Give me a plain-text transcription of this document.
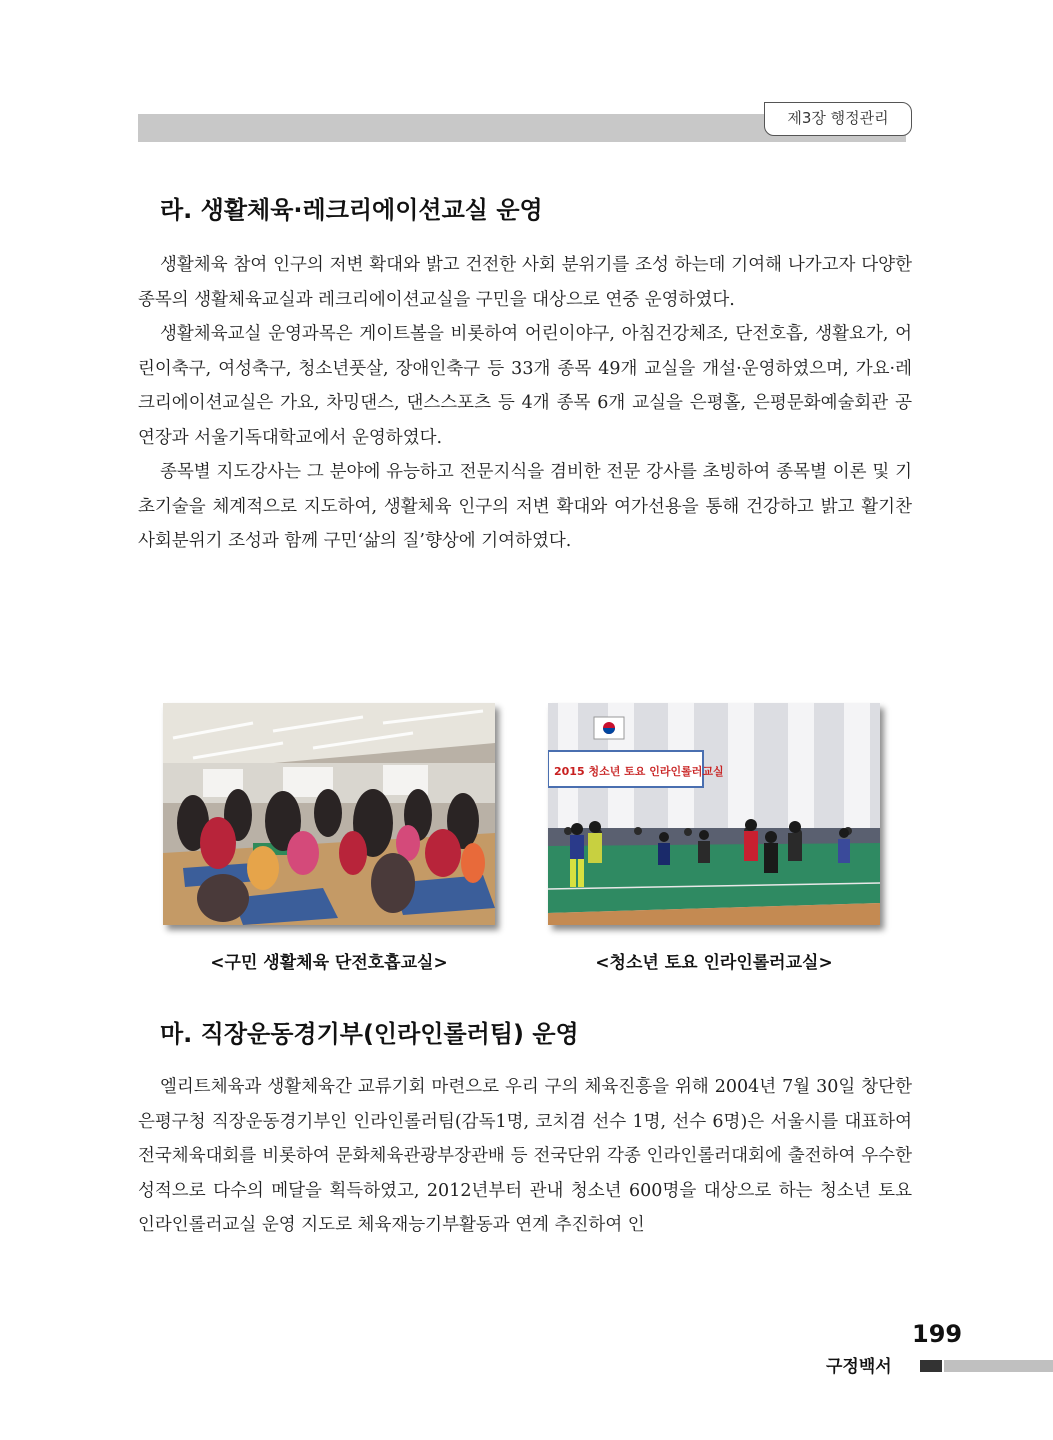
제3장 행정관리
라. 생활체육·레크리에이션교실 운영

생활체육 참여 인구의 저변 확대와 밝고 건전한 사회 분위기를 조성 하는데 기여해 나가고자 다양한 종목의 생활체육교실과 레크리에이션교실을 구민을 대상으로 연중 운영하였다.

생활체육교실 운영과목은 게이트볼을 비롯하여 어린이야구, 아침건강체조, 단전호흡, 생활요가, 어린이축구, 여성축구, 청소년풋살, 장애인축구 등 33개 종목 49개 교실을 개설·운영하였으며, 가요·레크리에이션교실은 가요, 차밍댄스, 댄스스포츠 등 4개 종목 6개 교실을 은평홀, 은평문화예술회관 공연장과 서울기독대학교에서 운영하였다.

종목별 지도강사는 그 분야에 유능하고 전문지식을 겸비한 전문 강사를 초빙하여 종목별 이론 및 기초기술을 체계적으로 지도하여, 생활체육 인구의 저변 확대와 여가선용을 통해 건강하고 밝고 활기찬 사회분위기 조성과 함께 구민‘삶의 질’향상에 기여하였다.

2015 청소년 토요 인라인롤러교실
<구민 생활체육 단전호흡교실>	<청소년 토요 인라인롤러교실>
마. 직장운동경기부(인라인롤러팀) 운영

엘리트체육과 생활체육간 교류기회 마련으로 우리 구의 체육진흥을 위해 2004년 7월 30일 창단한 은평구청 직장운동경기부인 인라인롤러팀(감독1명, 코치겸 선수 1명, 선수 6명)은 서울시를 대표하여 전국체육대회를 비롯하여 문화체육관광부장관배 등 전국단위 각종 인라인롤러대회에 출전하여 우수한 성적으로 다수의 메달을 획득하였고, 2012년부터 관내 청소년 600명을 대상으로 하는 청소년 토요 인라인롤러교실 운영 지도로 체육재능기부활동과 연계 추진하여 인

199
구정백서
